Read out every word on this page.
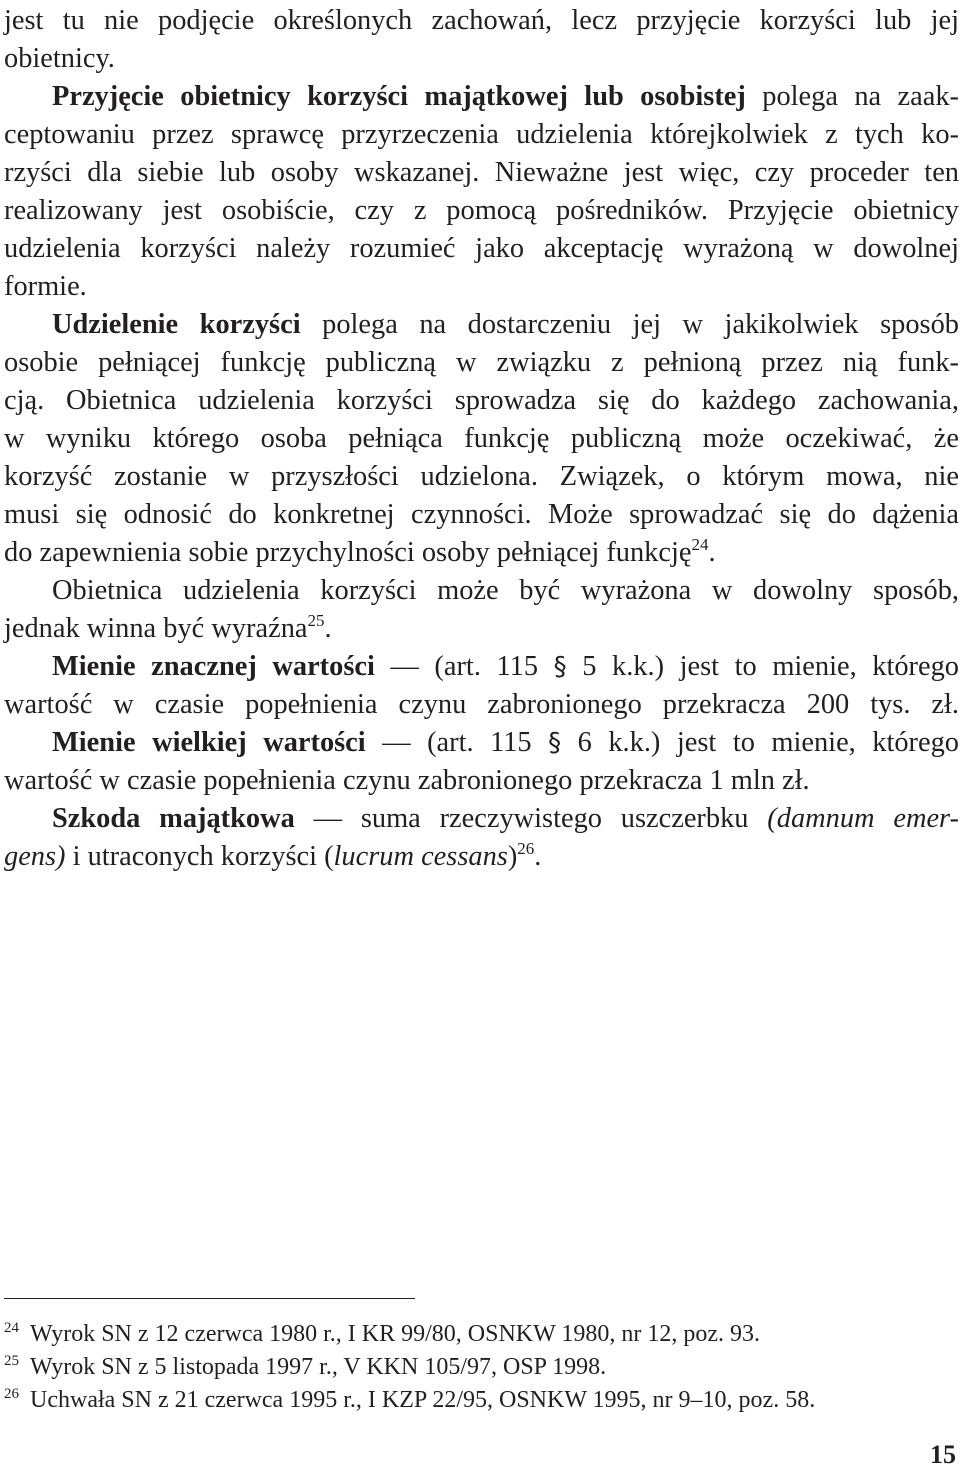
jest tu nie podjęcie określonych zachowań, lecz przyjęcie korzyści lub jej
obietnicy.
Przyjęcie obietnicy korzyści majątkowej lub osobistej polega na zaak-
ceptowaniu przez sprawcę przyrzeczenia udzielenia którejkolwiek z tych ko-
rzyści dla siebie lub osoby wskazanej. Nieważne jest więc, czy proceder ten
realizowany jest osobiście, czy z pomocą pośredników. Przyjęcie obietnicy
udzielenia korzyści należy rozumieć jako akceptację wyrażoną w dowolnej
formie.
Udzielenie korzyści polega na dostarczeniu jej w jakikolwiek sposób
osobie pełniącej funkcję publiczną w związku z pełnioną przez nią funk-
cją. Obietnica udzielenia korzyści sprowadza się do każdego zachowania,
w wyniku którego osoba pełniąca funkcję publiczną może oczekiwać, że
korzyść zostanie w przyszłości udzielona. Związek, o którym mowa, nie
musi się odnosić do konkretnej czynności. Może sprowadzać się do dążenia
do zapewnienia sobie przychylności osoby pełniącej funkcję$^{24}$.
Obietnica udzielenia korzyści może być wyrażona w dowolny sposób,
jednak winna być wyraźna$^{25}$.
Mienie znacznej wartości — (art. 115 § 5 k.k.) jest to mienie, którego
wartość w czasie popełnienia czynu zabronionego przekracza 200 tys. zł.
Mienie wielkiej wartości — (art. 115 § 6 k.k.) jest to mienie, którego
wartość w czasie popełnienia czynu zabronionego przekracza 1 mln zł.
Szkoda majątkowa — suma rzeczywistego uszczerbku (damnum emer-
gens) i utraconych korzyści (lucrum cessans)$^{26}$.
24 Wyrok SN z 12 czerwca 1980 r., I KR 99/80, OSNKW 1980, nr 12, poz. 93.
25 Wyrok SN z 5 listopada 1997 r., V KKN 105/97, OSP 1998.
26 Uchwała SN z 21 czerwca 1995 r., I KZP 22/95, OSNKW 1995, nr 9–10, poz. 58.
15
